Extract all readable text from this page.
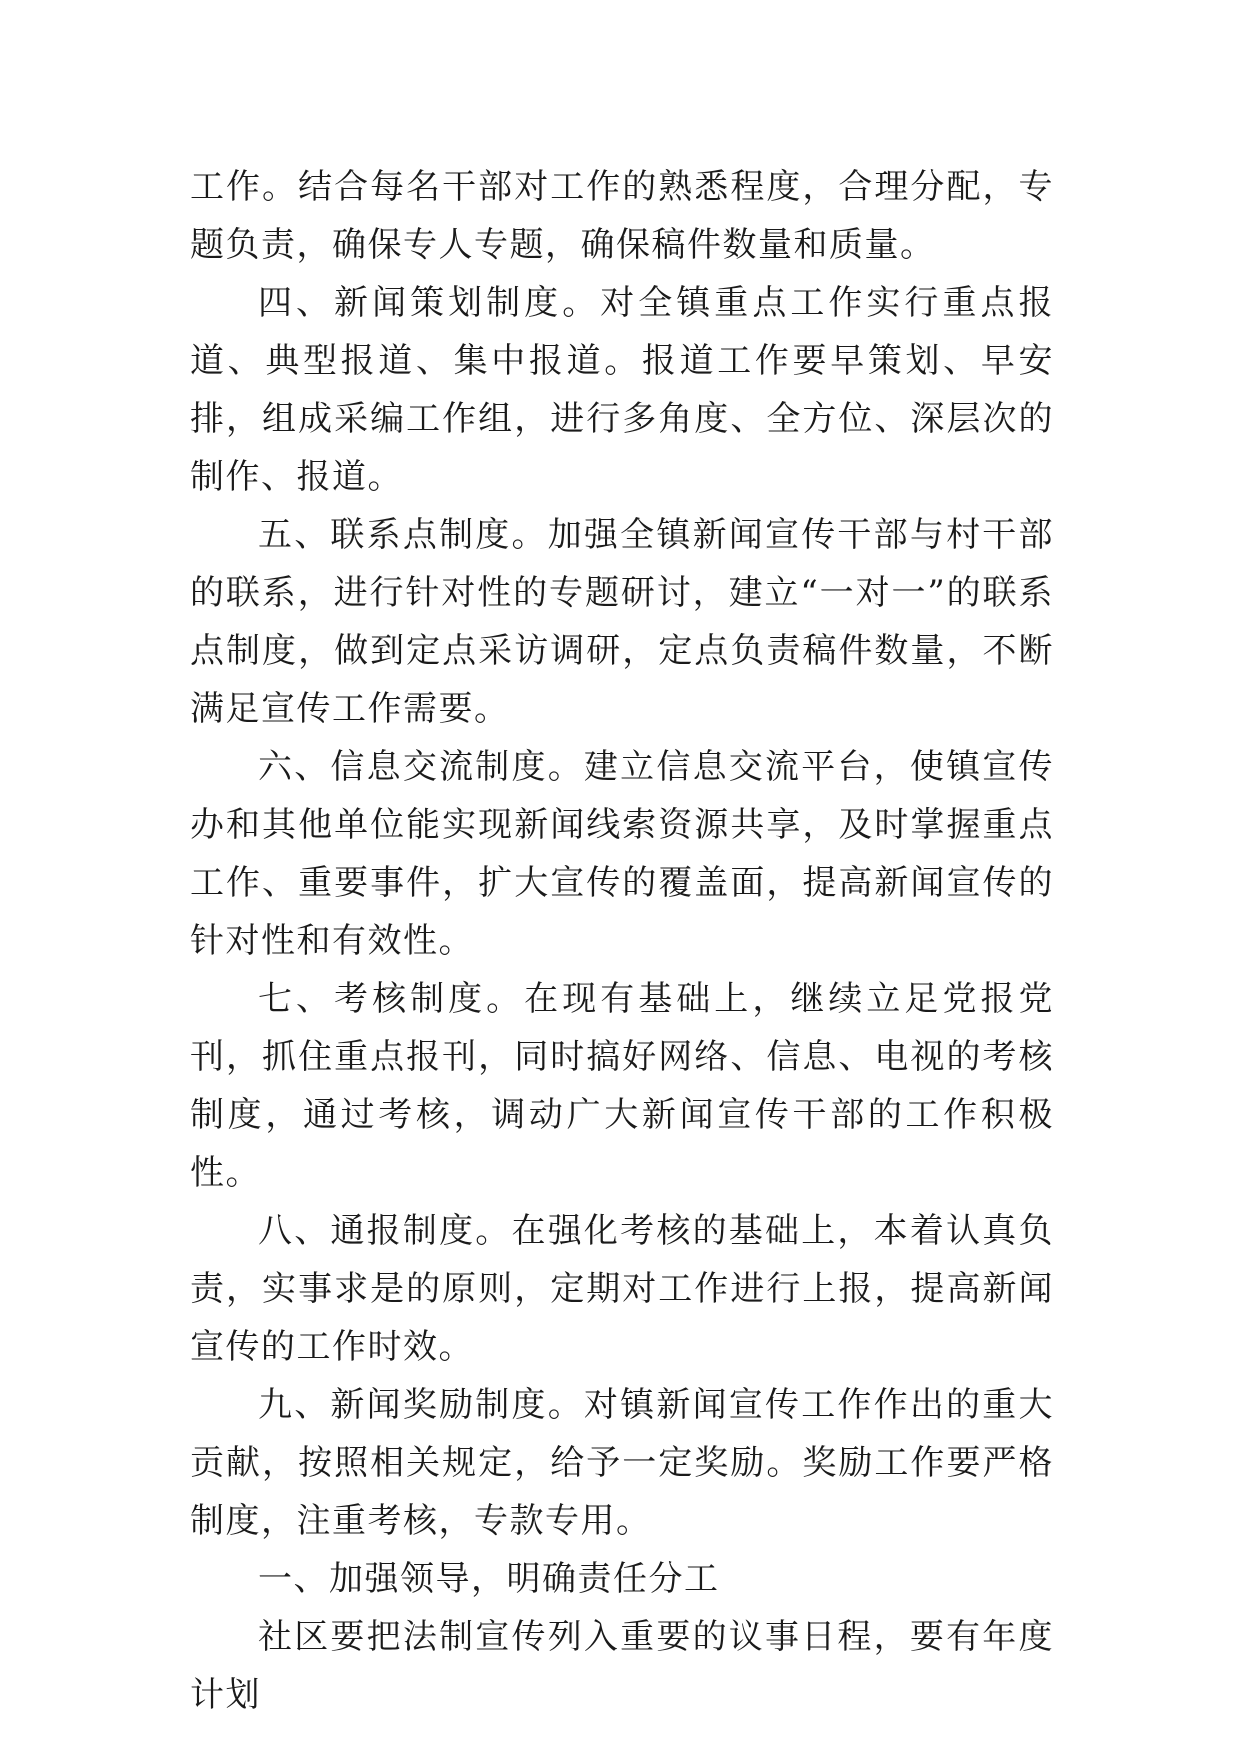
工作。结合每名干部对工作的熟悉程度，合理分配，专题负责，确保专人专题，确保稿件数量和质量。

四、新闻策划制度。对全镇重点工作实行重点报道、典型报道、集中报道。报道工作要早策划、早安排，组成采编工作组，进行多角度、全方位、深层次的制作、报道。

五、联系点制度。加强全镇新闻宣传干部与村干部的联系，进行针对性的专题研讨，建立“一对一”的联系点制度，做到定点采访调研，定点负责稿件数量，不断满足宣传工作需要。

六、信息交流制度。建立信息交流平台，使镇宣传办和其他单位能实现新闻线索资源共享，及时掌握重点工作、重要事件，扩大宣传的覆盖面，提高新闻宣传的针对性和有效性。

七、考核制度。在现有基础上，继续立足党报党刊，抓住重点报刊，同时搞好网络、信息、电视的考核制度，通过考核，调动广大新闻宣传干部的工作积极性。

八、通报制度。在强化考核的基础上，本着认真负责，实事求是的原则，定期对工作进行上报，提高新闻宣传的工作时效。

九、新闻奖励制度。对镇新闻宣传工作作出的重大贡献，按照相关规定，给予一定奖励。奖励工作要严格制度，注重考核，专款专用。

一、加强领导，明确责任分工

社区要把法制宣传列入重要的议事日程，要有年度计划
